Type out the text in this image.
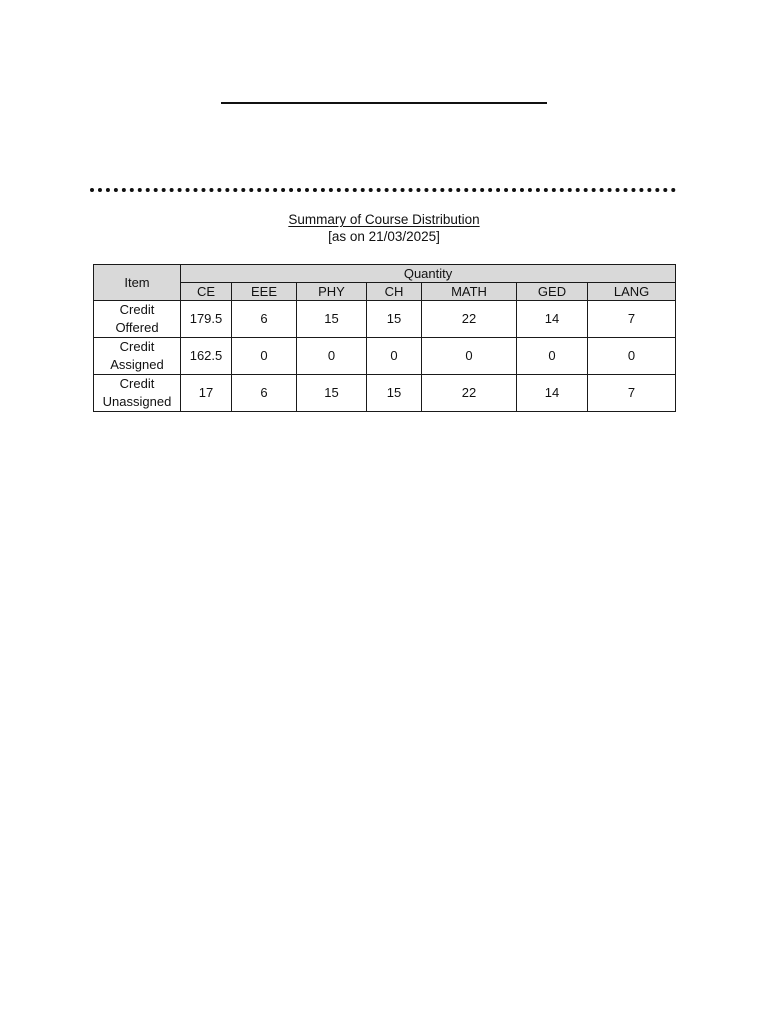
Summary of Course Distribution
[as on 21/03/2025]
Item	Quantity						
	CE	EEE	PHY	CH	MATH	GED	LANG
Credit
Offered	179.5	6	15	15	22	14	7
Credit
Assigned	162.5	0	0	0	0	0	0
Credit
Unassigned	17	6	15	15	22	14	7
